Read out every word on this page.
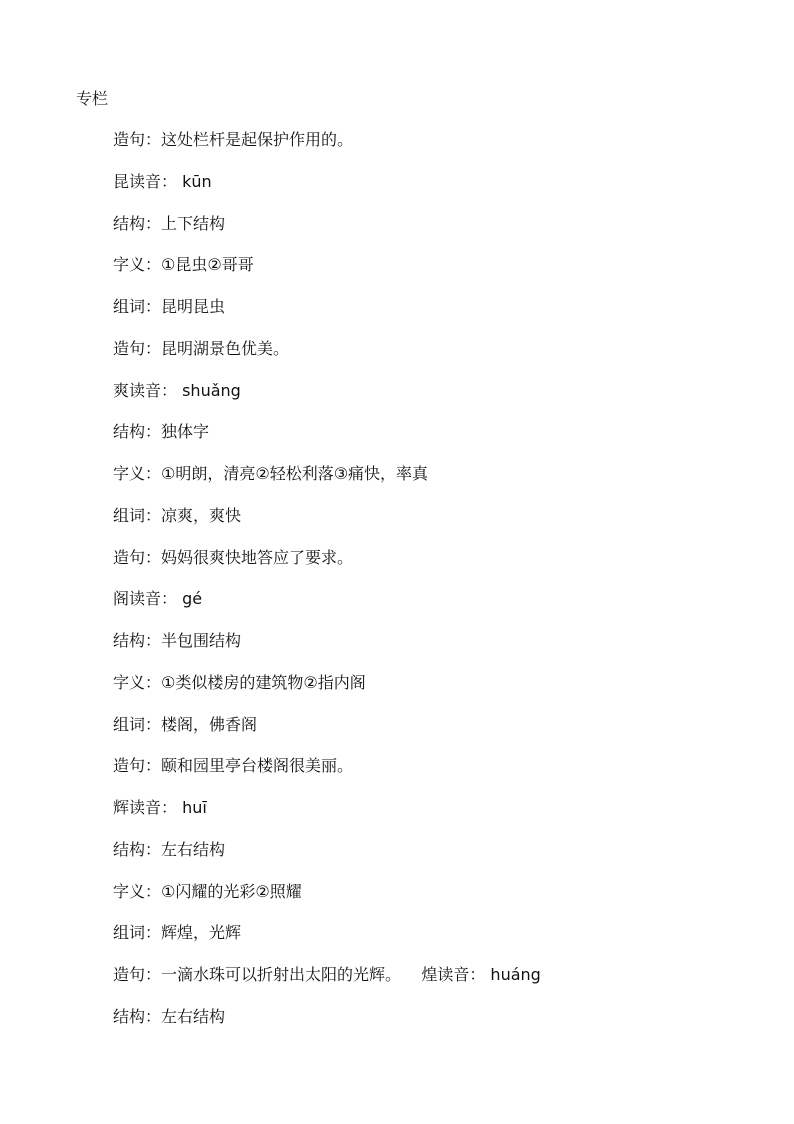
专栏
造句：这处栏杆是起保护作用的。
昆读音： kūn
结构：上下结构
字义：①昆虫②哥哥
组词：昆明昆虫
造句：昆明湖景色优美。
爽读音： shuǎng
结构：独体字
字义：①明朗，清亮②轻松利落③痛快，率真
组词：凉爽，爽快
造句：妈妈很爽快地答应了要求。
阁读音： gé
结构：半包围结构
字义：①类似楼房的建筑物②指内阁
组词：楼阁，佛香阁
造句：颐和园里亭台楼阁很美丽。
辉读音： huī
结构：左右结构
字义：①闪耀的光彩②照耀
组词：辉煌，光辉
造句：一滴水珠可以折射出太阳的光辉。    煌读音： huáng
结构：左右结构
